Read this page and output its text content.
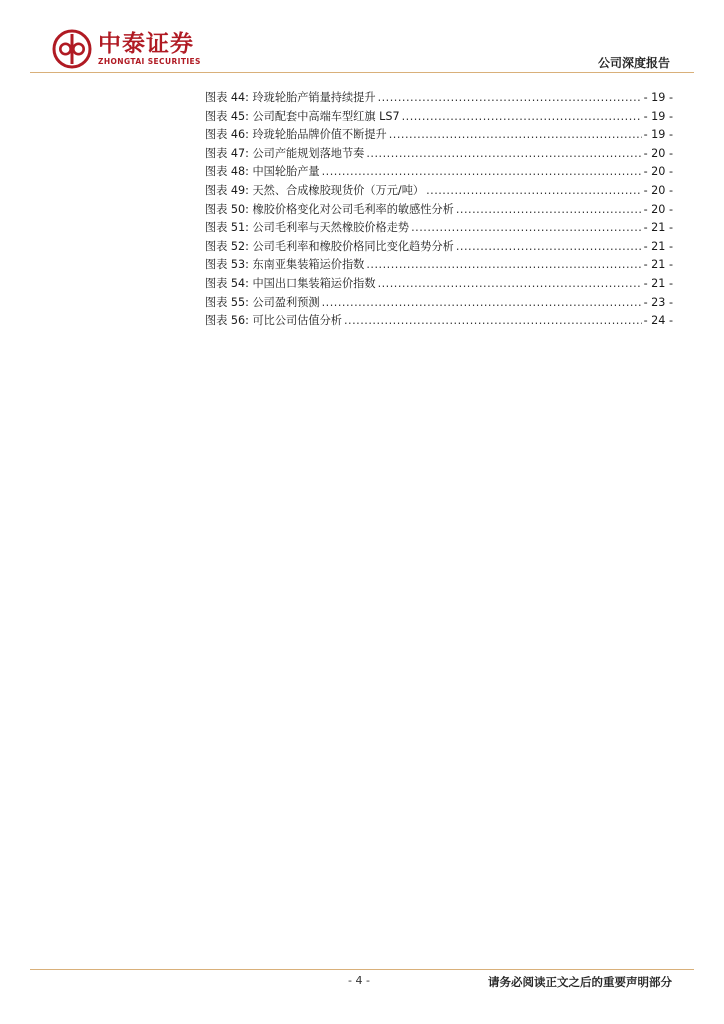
中泰证券
ZHONGTAI SECURITIES	公司深度报告
图表 44: 玲珑轮胎产销量持续提升 .....	- 19 -
图表 45: 公司配套中高端车型红旗 LS7 .....	- 19 -
图表 46: 玲珑轮胎品牌价值不断提升 .....	- 19 -
图表 47: 公司产能规划落地节奏 .....	- 20 -
图表 48: 中国轮胎产量 .....	- 20 -
图表 49: 天然、合成橡胶现货价（万元/吨） .....	- 20 -
图表 50: 橡胶价格变化对公司毛利率的敏感性分析 .....	- 20 -
图表 51: 公司毛利率与天然橡胶价格走势 .....	- 21 -
图表 52: 公司毛利率和橡胶价格同比变化趋势分析 .....	- 21 -
图表 53: 东南亚集装箱运价指数 .....	- 21 -
图表 54: 中国出口集装箱运价指数 .....	- 21 -
图表 55: 公司盈利预测 .....	- 23 -
图表 56: 可比公司估值分析 .....	- 24 -
- 4 -	请务必阅读正文之后的重要声明部分
